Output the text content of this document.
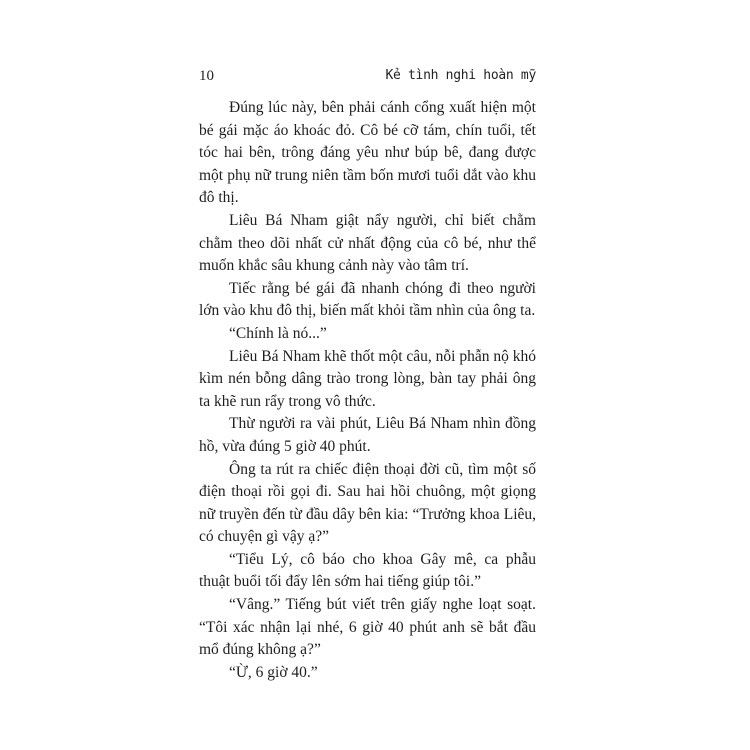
10	Kẻ tình nghi hoàn mỹ

Đúng lúc này, bên phải cánh cổng xuất hiện một bé gái mặc áo khoác đỏ. Cô bé cỡ tám, chín tuổi, tết tóc hai bên, trông đáng yêu như búp bê, đang được một phụ nữ trung niên tầm bốn mươi tuổi dắt vào khu đô thị.

Liêu Bá Nham giật nẩy người, chỉ biết chằm chằm theo dõi nhất cử nhất động của cô bé, như thể muốn khắc sâu khung cảnh này vào tâm trí.

Tiếc rằng bé gái đã nhanh chóng đi theo người lớn vào khu đô thị, biến mất khỏi tầm nhìn của ông ta.

“Chính là nó...”

Liêu Bá Nham khẽ thốt một câu, nỗi phẫn nộ khó kìm nén bỗng dâng trào trong lòng, bàn tay phải ông ta khẽ run rẩy trong vô thức.

Thừ người ra vài phút, Liêu Bá Nham nhìn đồng hồ, vừa đúng 5 giờ 40 phút.

Ông ta rút ra chiếc điện thoại đời cũ, tìm một số điện thoại rồi gọi đi. Sau hai hồi chuông, một giọng nữ truyền đến từ đầu dây bên kia: “Trưởng khoa Liêu, có chuyện gì vậy ạ?”

“Tiểu Lý, cô báo cho khoa Gây mê, ca phẫu thuật buổi tối đẩy lên sớm hai tiếng giúp tôi.”

“Vâng.” Tiếng bút viết trên giấy nghe loạt soạt. “Tôi xác nhận lại nhé, 6 giờ 40 phút anh sẽ bắt đầu mổ đúng không ạ?”

“Ừ, 6 giờ 40.”
